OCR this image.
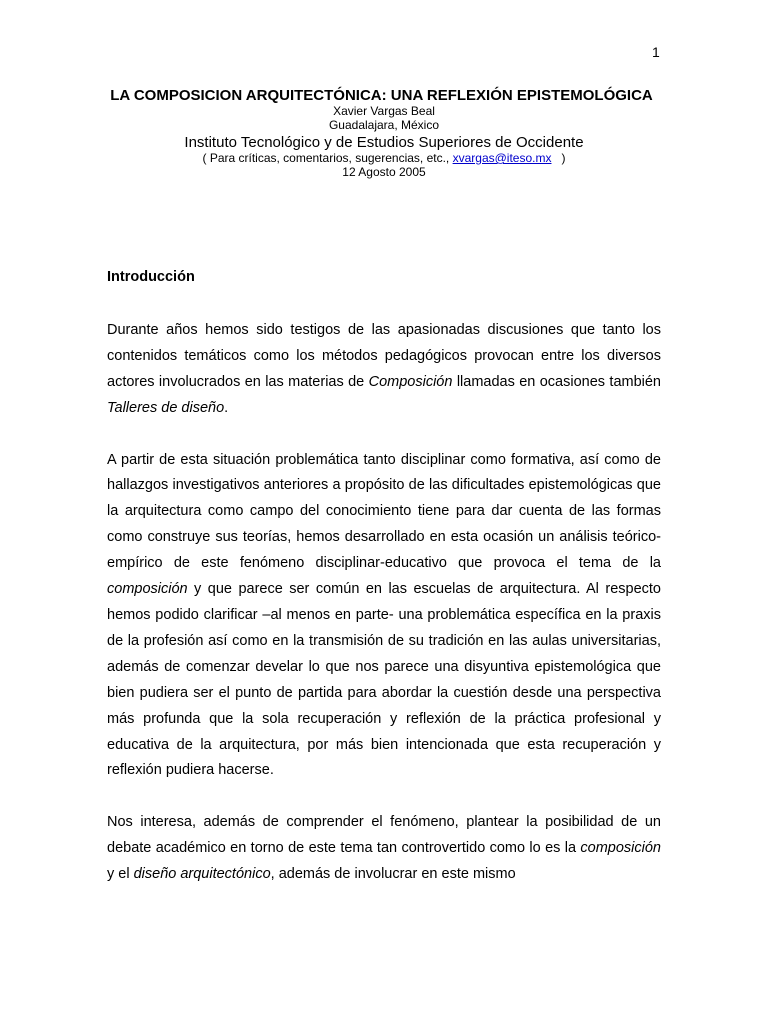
1
LA COMPOSICION ARQUITECTÓNICA: UNA REFLEXIÓN EPISTEMOLÓGICA
Xavier Vargas Beal
Guadalajara, México
Instituto Tecnológico y de Estudios Superiores de Occidente
( Para críticas, comentarios, sugerencias, etc., xvargas@iteso.mx )
12 Agosto 2005
Introducción

Durante años hemos sido testigos de las apasionadas discusiones que tanto los contenidos temáticos como los métodos pedagógicos provocan entre los diversos actores involucrados en las materias de Composición llamadas en ocasiones también Talleres de diseño.

A partir de esta situación problemática tanto disciplinar como formativa, así como de hallazgos investigativos anteriores a propósito de las dificultades epistemológicas que la arquitectura como campo del conocimiento tiene para dar cuenta de las formas como construye sus teorías, hemos desarrollado en esta ocasión un análisis teórico-empírico de este fenómeno disciplinar-educativo que provoca el tema de la composición y que parece ser común en las escuelas de arquitectura. Al respecto hemos podido clarificar –al menos en parte- una problemática específica en la praxis de la profesión así como en la transmisión de su tradición en las aulas universitarias, además de comenzar develar lo que nos parece una disyuntiva epistemológica que bien pudiera ser el punto de partida para abordar la cuestión desde una perspectiva más profunda que la sola recuperación y reflexión de la práctica profesional y educativa de la arquitectura, por más bien intencionada que esta recuperación y reflexión pudiera hacerse.

Nos interesa, además de comprender el fenómeno, plantear la posibilidad de un debate académico en torno de este tema tan controvertido como lo es la composición y el diseño arquitectónico, además de involucrar en este mismo
